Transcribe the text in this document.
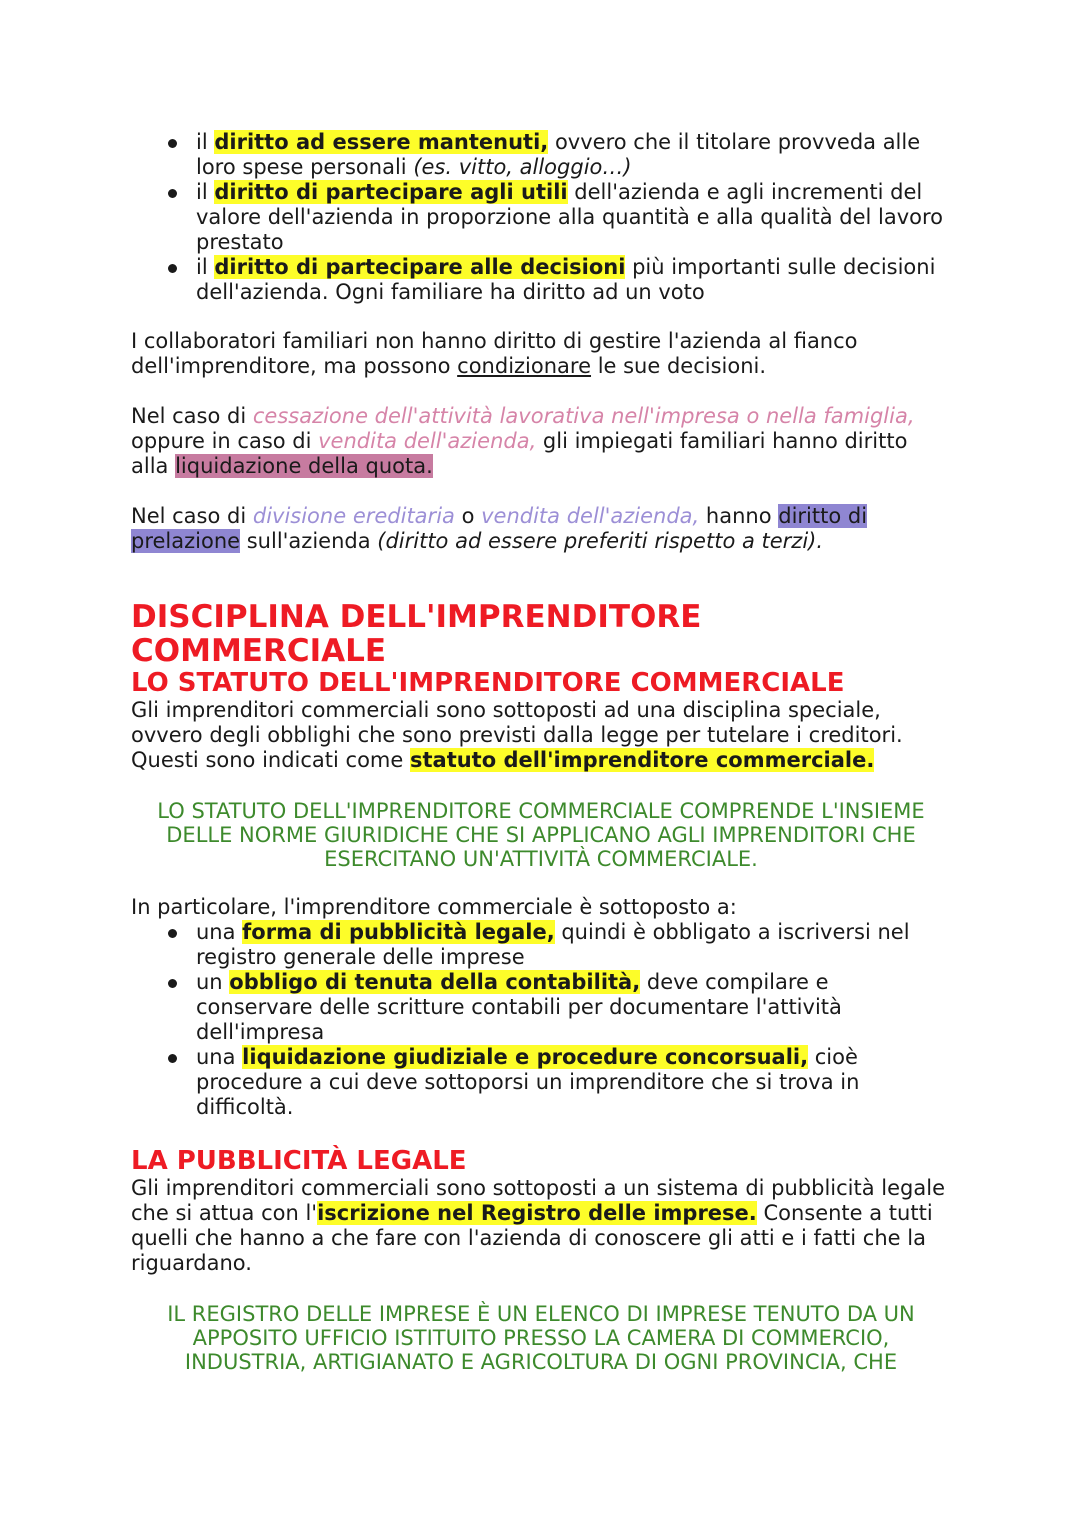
il diritto ad essere mantenuti, ovvero che il titolare provveda alle loro spese personali (es. vitto, alloggio…)
il diritto di partecipare agli utili dell'azienda e agli incrementi del valore dell'azienda in proporzione alla quantità e alla qualità del lavoro prestato
il diritto di partecipare alle decisioni più importanti sulle decisioni dell'azienda. Ogni familiare ha diritto ad un voto

I collaboratori familiari non hanno diritto di gestire l'azienda al fianco dell'imprenditore, ma possono condizionare le sue decisioni.

Nel caso di cessazione dell'attività lavorativa nell'impresa o nella famiglia, oppure in caso di vendita dell'azienda, gli impiegati familiari hanno diritto alla liquidazione della quota.

Nel caso di divisione ereditaria o vendita dell'azienda, hanno diritto di prelazione sull'azienda (diritto ad essere preferiti rispetto a terzi).

DISCIPLINA DELL'IMPRENDITORE COMMERCIALE
LO STATUTO DELL'IMPRENDITORE COMMERCIALE

Gli imprenditori commerciali sono sottoposti ad una disciplina speciale, ovvero degli obblighi che sono previsti dalla legge per tutelare i creditori. Questi sono indicati come statuto dell'imprenditore commerciale.

LO STATUTO DELL'IMPRENDITORE COMMERCIALE COMPRENDE L'INSIEME DELLE NORME GIURIDICHE CHE SI APPLICANO AGLI IMPRENDITORI CHE ESERCITANO UN'ATTIVITÀ COMMERCIALE.

In particolare, l'imprenditore commerciale è sottoposto a:

una forma di pubblicità legale, quindi è obbligato a iscriversi nel registro generale delle imprese
un obbligo di tenuta della contabilità, deve compilare e conservare delle scritture contabili per documentare l'attività dell'impresa
una liquidazione giudiziale e procedure concorsuali, cioè procedure a cui deve sottoporsi un imprenditore che si trova in difficoltà.
LA PUBBLICITÀ LEGALE

Gli imprenditori commerciali sono sottoposti a un sistema di pubblicità legale che si attua con l'iscrizione nel Registro delle imprese. Consente a tutti quelli che hanno a che fare con l'azienda di conoscere gli atti e i fatti che la riguardano.

IL REGISTRO DELLE IMPRESE È UN ELENCO DI IMPRESE TENUTO DA UN APPOSITO UFFICIO ISTITUITO PRESSO LA CAMERA DI COMMERCIO, INDUSTRIA, ARTIGIANATO E AGRICOLTURA DI OGNI PROVINCIA, CHE
